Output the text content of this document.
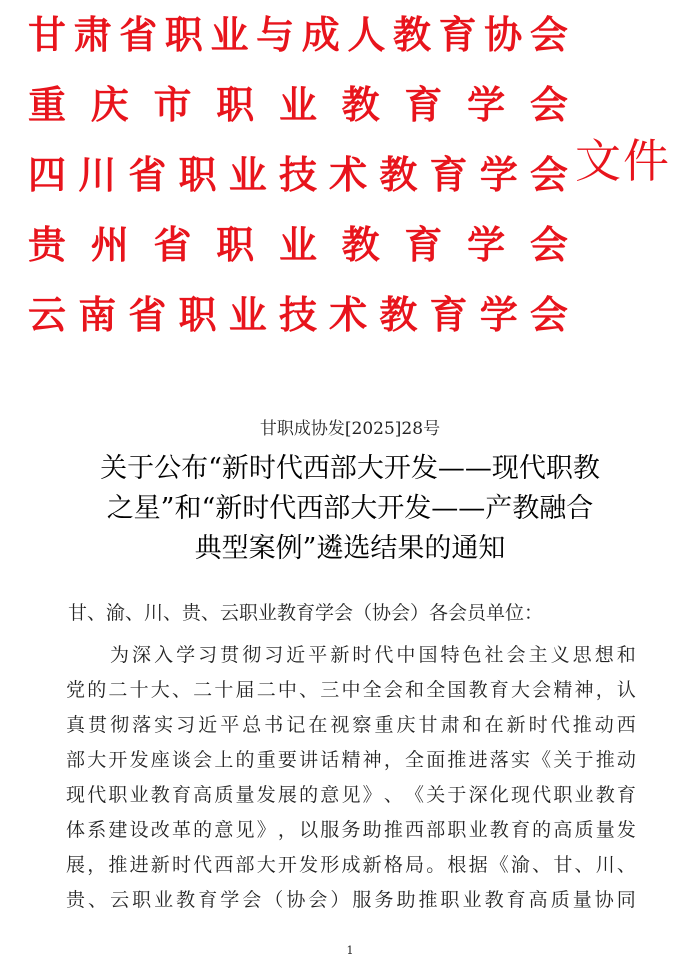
甘 肃 省 职 业 与 成 人 教 育 协 会
重 庆 市 职 业 教 育 学 会
四 川 省 职 业 技 术 教 育 学 会
贵 州 省 职 业 教 育 学 会
云 南 省 职 业 技 术 教 育 学 会
文件
甘职成协发[2025]28号
关于公布“新时代西部大开发——现代职教
之星”和“新时代西部大开发——产教融合
典型案例”遴选结果的通知
甘、渝、川、贵、云职业教育学会（协会）各会员单位：
为 深 入 学 习 贯 彻 习 近 平 新 时 代 中 国 特 色 社 会 主 义 思 想 和
党 的 二 十 大 、 二 十 届 二 中 、 三 中 全 会 和 全 国 教 育 大 会 精 神 ， 认
真 贯 彻 落 实 习 近 平 总 书 记 在 视 察 重 庆 甘 肃 和 在 新 时 代 推 动 西
部 大 开 发 座 谈 会 上 的 重 要 讲 话 精 神 ， 全 面 推 进 落 实 《 关 于 推 动
现 代 职 业 教 育 高 质 量 发 展 的 意 见 》 、 《 关 于 深 化 现 代 职 业 教 育
体 系 建 设 改 革 的 意 见 》 ， 以 服 务 助 推 西 部 职 业 教 育 的 高 质 量 发
展 ， 推 进 新 时 代 西 部 大 开 发 形 成 新 格 局 。 根 据 《 渝 、 甘 、 川 、
贵 、 云 职 业 教 育 学 会 （ 协 会 ） 服 务 助 推 职 业 教 育 高 质 量 协 同
1
